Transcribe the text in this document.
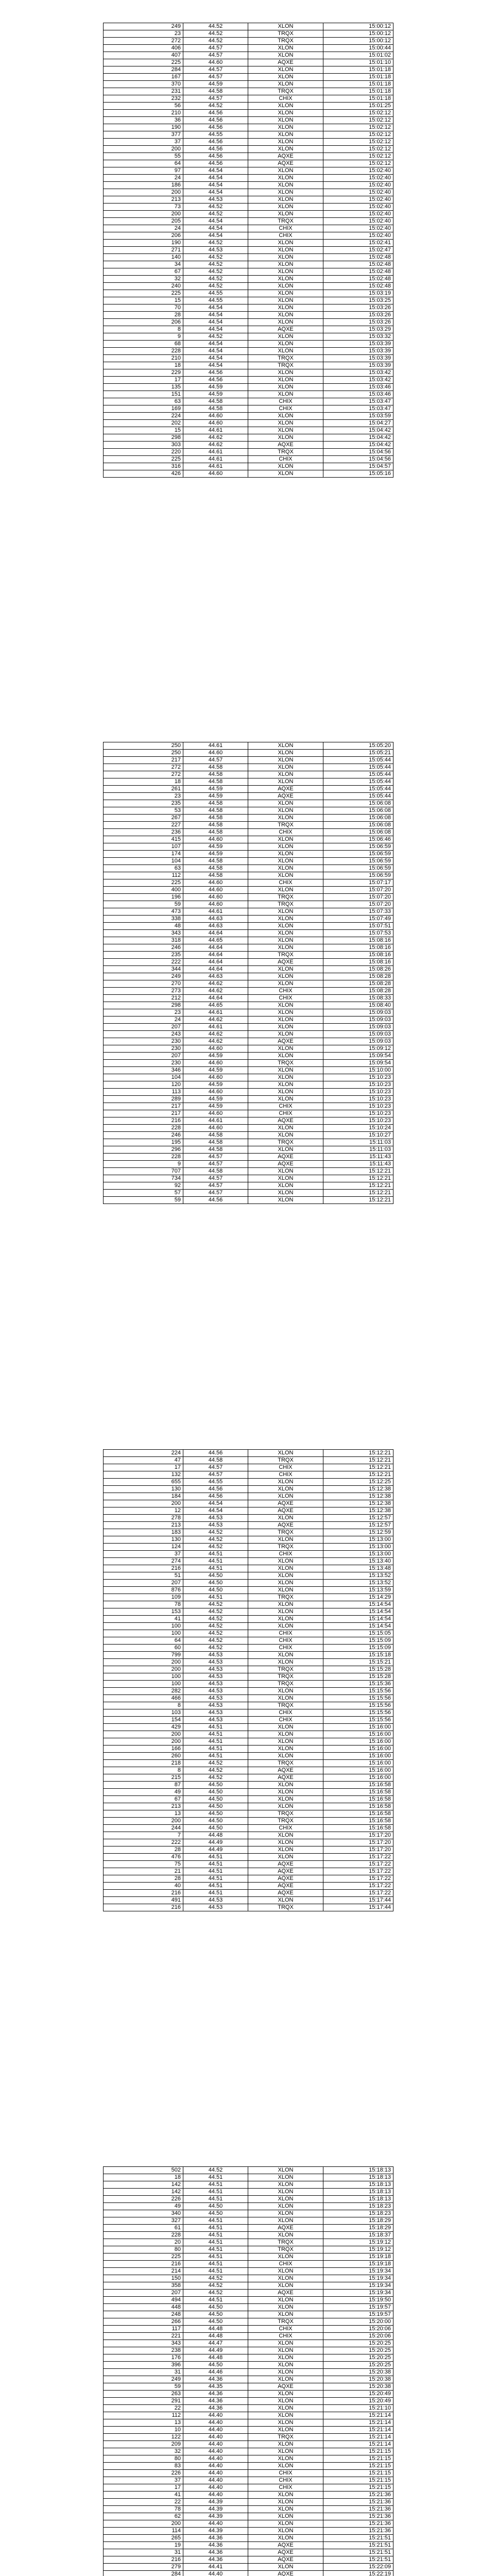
249	44.52	XLON	15:00:12
23	44.52	TRQX	15:00:12
272	44.52	TRQX	15:00:12
406	44.57	XLON	15:00:44
407	44.57	XLON	15:01:02
225	44.60	AQXE	15:01:10
284	44.57	XLON	15:01:18
167	44.57	XLON	15:01:18
370	44.59	XLON	15:01:18
231	44.58	TRQX	15:01:18
232	44.57	CHIX	15:01:18
56	44.52	XLON	15:01:25
210	44.56	XLON	15:02:12
36	44.56	XLON	15:02:12
190	44.56	XLON	15:02:12
377	44.55	XLON	15:02:12
37	44.56	XLON	15:02:12
200	44.56	XLON	15:02:12
55	44.56	AQXE	15:02:12
64	44.56	AQXE	15:02:12
97	44.54	XLON	15:02:40
24	44.54	XLON	15:02:40
186	44.54	XLON	15:02:40
200	44.54	XLON	15:02:40
213	44.53	XLON	15:02:40
73	44.52	XLON	15:02:40
200	44.52	XLON	15:02:40
205	44.54	TRQX	15:02:40
24	44.54	CHIX	15:02:40
206	44.54	CHIX	15:02:40
190	44.52	XLON	15:02:41
271	44.53	XLON	15:02:47
140	44.52	XLON	15:02:48
34	44.52	XLON	15:02:48
67	44.52	XLON	15:02:48
32	44.52	XLON	15:02:48
240	44.52	XLON	15:02:48
225	44.55	XLON	15:03:19
15	44.55	XLON	15:03:25
70	44.54	XLON	15:03:26
28	44.54	XLON	15:03:26
206	44.54	XLON	15:03:26
8	44.54	AQXE	15:03:29
9	44.52	XLON	15:03:32
68	44.54	XLON	15:03:39
228	44.54	XLON	15:03:39
210	44.54	TRQX	15:03:39
18	44.54	TRQX	15:03:39
229	44.56	XLON	15:03:42
17	44.56	XLON	15:03:42
135	44.59	XLON	15:03:46
151	44.59	XLON	15:03:46
63	44.58	CHIX	15:03:47
169	44.58	CHIX	15:03:47
224	44.60	XLON	15:03:59
202	44.60	XLON	15:04:27
15	44.61	XLON	15:04:42
298	44.62	XLON	15:04:42
303	44.62	AQXE	15:04:42
220	44.61	TRQX	15:04:56
225	44.61	CHIX	15:04:56
316	44.61	XLON	15:04:57
426	44.60	XLON	15:05:16
250	44.61	XLON	15:05:20
250	44.60	XLON	15:05:21
217	44.57	XLON	15:05:44
272	44.58	XLON	15:05:44
272	44.58	XLON	15:05:44
18	44.58	XLON	15:05:44
261	44.59	AQXE	15:05:44
23	44.59	AQXE	15:05:44
235	44.58	XLON	15:06:08
53	44.58	XLON	15:06:08
267	44.58	XLON	15:06:08
227	44.58	TRQX	15:06:08
236	44.58	CHIX	15:06:08
415	44.60	XLON	15:06:46
107	44.59	XLON	15:06:59
174	44.59	XLON	15:06:59
104	44.58	XLON	15:06:59
63	44.58	XLON	15:06:59
112	44.58	XLON	15:06:59
225	44.60	CHIX	15:07:17
400	44.60	XLON	15:07:20
196	44.60	TRQX	15:07:20
59	44.60	TRQX	15:07:20
473	44.61	XLON	15:07:33
338	44.63	XLON	15:07:49
48	44.63	XLON	15:07:51
343	44.64	XLON	15:07:53
318	44.65	XLON	15:08:16
246	44.64	XLON	15:08:16
235	44.64	TRQX	15:08:16
222	44.64	AQXE	15:08:16
344	44.64	XLON	15:08:26
249	44.63	XLON	15:08:28
270	44.62	XLON	15:08:28
273	44.62	CHIX	15:08:28
212	44.64	CHIX	15:08:33
298	44.65	XLON	15:08:40
23	44.61	XLON	15:09:03
24	44.62	XLON	15:09:03
207	44.61	XLON	15:09:03
243	44.62	XLON	15:09:03
230	44.62	AQXE	15:09:03
230	44.60	XLON	15:09:12
207	44.59	XLON	15:09:54
230	44.60	TRQX	15:09:54
346	44.59	XLON	15:10:00
104	44.60	XLON	15:10:23
120	44.59	XLON	15:10:23
113	44.60	XLON	15:10:23
289	44.59	XLON	15:10:23
217	44.59	CHIX	15:10:23
217	44.60	CHIX	15:10:23
216	44.61	AQXE	15:10:23
228	44.60	XLON	15:10:24
246	44.58	XLON	15:10:27
195	44.58	TRQX	15:11:03
296	44.58	XLON	15:11:03
228	44.57	AQXE	15:11:43
9	44.57	AQXE	15:11:43
707	44.58	XLON	15:12:21
734	44.57	XLON	15:12:21
92	44.57	XLON	15:12:21
57	44.57	XLON	15:12:21
59	44.56	XLON	15:12:21
224	44.56	XLON	15:12:21
47	44.58	TRQX	15:12:21
17	44.57	CHIX	15:12:21
132	44.57	CHIX	15:12:21
655	44.55	XLON	15:12:25
130	44.56	XLON	15:12:38
184	44.56	XLON	15:12:38
200	44.54	AQXE	15:12:38
12	44.54	AQXE	15:12:38
278	44.53	XLON	15:12:57
213	44.53	AQXE	15:12:57
183	44.52	TRQX	15:12:59
130	44.52	XLON	15:13:00
124	44.52	TRQX	15:13:00
37	44.51	CHIX	15:13:00
274	44.51	XLON	15:13:40
216	44.51	XLON	15:13:48
51	44.50	XLON	15:13:52
207	44.50	XLON	15:13:52
876	44.50	XLON	15:13:59
109	44.51	TRQX	15:14:29
78	44.52	XLON	15:14:54
153	44.52	XLON	15:14:54
41	44.52	XLON	15:14:54
100	44.52	XLON	15:14:54
100	44.52	CHIX	15:15:05
64	44.52	CHIX	15:15:09
60	44.52	CHIX	15:15:09
799	44.53	XLON	15:15:18
200	44.53	XLON	15:15:21
200	44.53	TRQX	15:15:28
100	44.53	TRQX	15:15:28
100	44.53	TRQX	15:15:36
282	44.53	XLON	15:15:56
466	44.53	XLON	15:15:56
8	44.53	TRQX	15:15:56
103	44.53	CHIX	15:15:56
154	44.53	CHIX	15:15:56
429	44.51	XLON	15:16:00
200	44.51	XLON	15:16:00
200	44.51	XLON	15:16:00
166	44.51	XLON	15:16:00
260	44.51	XLON	15:16:00
218	44.52	TRQX	15:16:00
8	44.52	AQXE	15:16:00
215	44.52	AQXE	15:16:00
87	44.50	XLON	15:16:58
49	44.50	XLON	15:16:58
67	44.50	XLON	15:16:58
213	44.50	XLON	15:16:58
13	44.50	TRQX	15:16:58
200	44.50	TRQX	15:16:58
244	44.50	CHIX	15:16:58
7	44.48	XLON	15:17:20
222	44.49	XLON	15:17:20
28	44.49	XLON	15:17:20
476	44.51	XLON	15:17:22
75	44.51	AQXE	15:17:22
21	44.51	AQXE	15:17:22
28	44.51	AQXE	15:17:22
40	44.51	AQXE	15:17:22
216	44.51	AQXE	15:17:22
491	44.53	XLON	15:17:44
216	44.53	TRQX	15:17:44
502	44.52	XLON	15:18:13
18	44.51	XLON	15:18:13
142	44.51	XLON	15:18:13
142	44.51	XLON	15:18:13
226	44.51	XLON	15:18:13
49	44.50	XLON	15:18:23
340	44.50	XLON	15:18:23
327	44.51	XLON	15:18:29
61	44.51	AQXE	15:18:29
228	44.51	XLON	15:18:37
20	44.51	TRQX	15:19:12
80	44.51	TRQX	15:19:12
225	44.51	XLON	15:19:18
216	44.51	CHIX	15:19:18
214	44.51	XLON	15:19:34
150	44.52	XLON	15:19:34
358	44.52	XLON	15:19:34
207	44.52	AQXE	15:19:34
494	44.51	XLON	15:19:50
448	44.50	XLON	15:19:57
248	44.50	XLON	15:19:57
266	44.50	TRQX	15:20:00
117	44.48	CHIX	15:20:06
221	44.48	CHIX	15:20:06
343	44.47	XLON	15:20:25
238	44.49	XLON	15:20:25
176	44.48	XLON	15:20:25
396	44.50	XLON	15:20:25
31	44.46	XLON	15:20:38
249	44.36	XLON	15:20:38
59	44.35	AQXE	15:20:38
263	44.36	XLON	15:20:49
291	44.36	XLON	15:20:49
22	44.36	XLON	15:21:10
112	44.40	XLON	15:21:14
13	44.40	XLON	15:21:14
10	44.40	XLON	15:21:14
122	44.40	TRQX	15:21:14
209	44.40	XLON	15:21:14
32	44.40	XLON	15:21:15
80	44.40	XLON	15:21:15
83	44.40	XLON	15:21:15
226	44.40	CHIX	15:21:15
37	44.40	CHIX	15:21:15
17	44.40	CHIX	15:21:15
41	44.40	XLON	15:21:36
22	44.39	XLON	15:21:36
78	44.39	XLON	15:21:36
62	44.39	XLON	15:21:36
200	44.40	XLON	15:21:36
114	44.39	XLON	15:21:36
265	44.36	XLON	15:21:51
19	44.36	AQXE	15:21:51
31	44.36	AQXE	15:21:51
216	44.36	AQXE	15:21:51
279	44.41	XLON	15:22:09
284	44.40	AQXE	15:22:19
